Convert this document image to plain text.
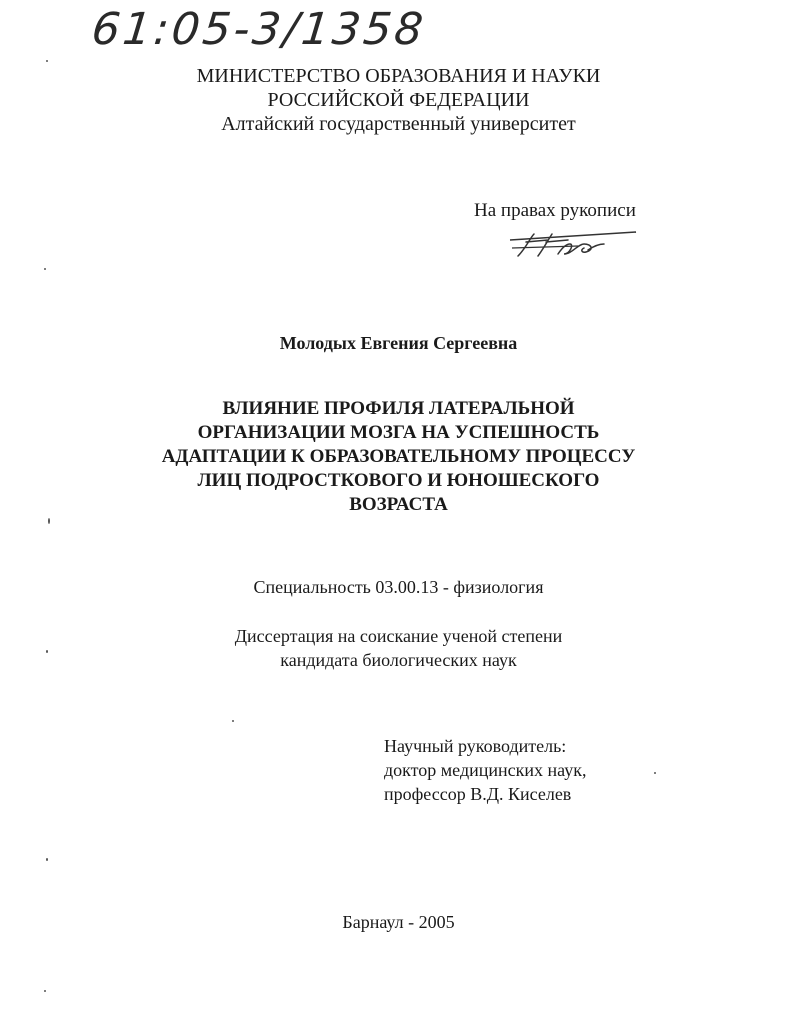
61:05-3/1358
МИНИСТЕРСТВО ОБРАЗОВАНИЯ И НАУКИ
РОССИЙСКОЙ ФЕДЕРАЦИИ
Алтайский государственный университет
На правах рукописи
Молодых Евгения Сергеевна
ВЛИЯНИЕ ПРОФИЛЯ ЛАТЕРАЛЬНОЙ
ОРГАНИЗАЦИИ МОЗГА НА УСПЕШНОСТЬ
АДАПТАЦИИ К ОБРАЗОВАТЕЛЬНОМУ ПРОЦЕССУ
ЛИЦ ПОДРОСТКОВОГО И ЮНОШЕСКОГО
ВОЗРАСТА
Специальность 03.00.13 - физиология
Диссертация на соискание ученой степени
кандидата биологических наук
Научный руководитель:
доктор медицинских наук,
профессор В.Д. Киселев
Барнаул - 2005
